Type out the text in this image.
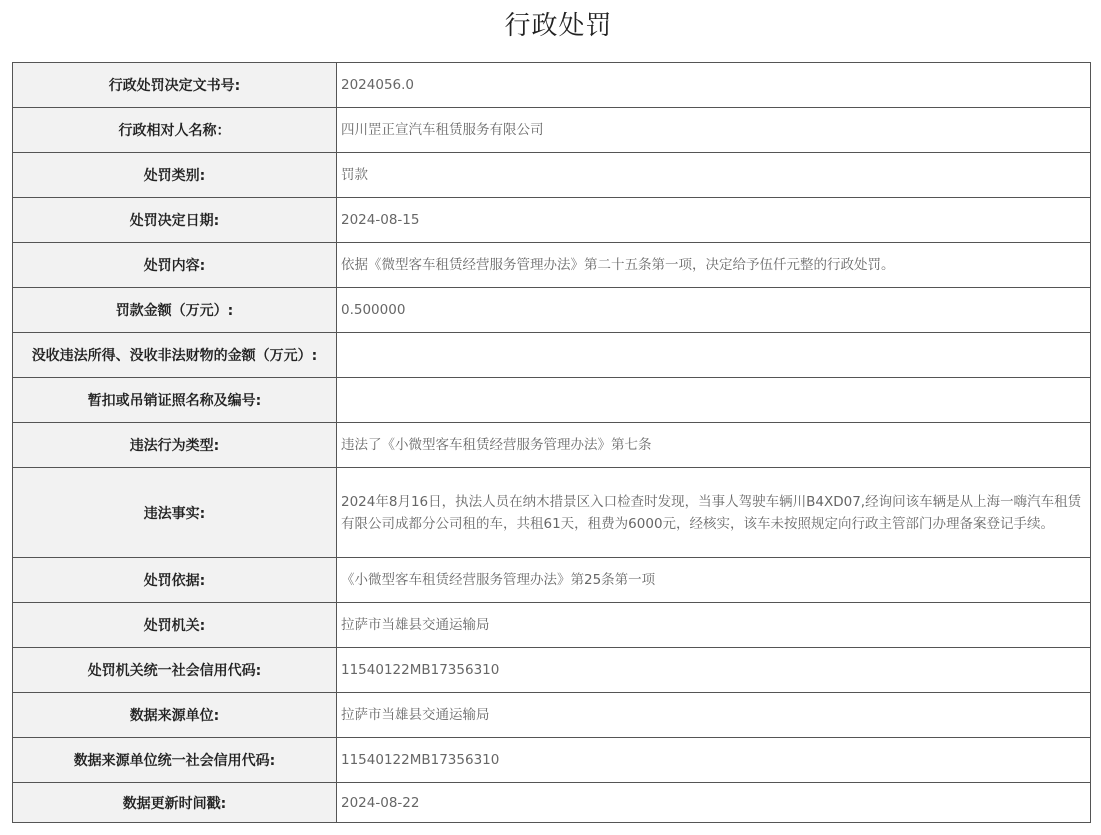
行政处罚
行政处罚决定文书号:	2024056.0
行政相对人名称：	四川罡正宣汽车租赁服务有限公司
处罚类别:	罚款
处罚决定日期:	2024-08-15
处罚内容:	依据《微型客车租赁经营服务管理办法》第二十五条第一项，决定给予伍仟元整的行政处罚。
罚款金额（万元）:	0.500000
没收违法所得、没收非法财物的金额（万元）:	
暂扣或吊销证照名称及编号:	
违法行为类型:	违法了《小微型客车租赁经营服务管理办法》第七条
违法事实:	2024年8月16日，执法人员在纳木措景区入口检查时发现，当事人驾驶车辆川B4XD07,经询问该车辆是从上海一嗨汽车租赁有限公司成都分公司租的车，共租61天，租费为6000元，经核实，该车未按照规定向行政主管部门办理备案登记手续。
处罚依据:	《小微型客车租赁经营服务管理办法》第25条第一项
处罚机关:	拉萨市当雄县交通运输局
处罚机关统一社会信用代码:	11540122MB17356310
数据来源单位:	拉萨市当雄县交通运输局
数据来源单位统一社会信用代码:	11540122MB17356310
数据更新时间戳:	2024-08-22
